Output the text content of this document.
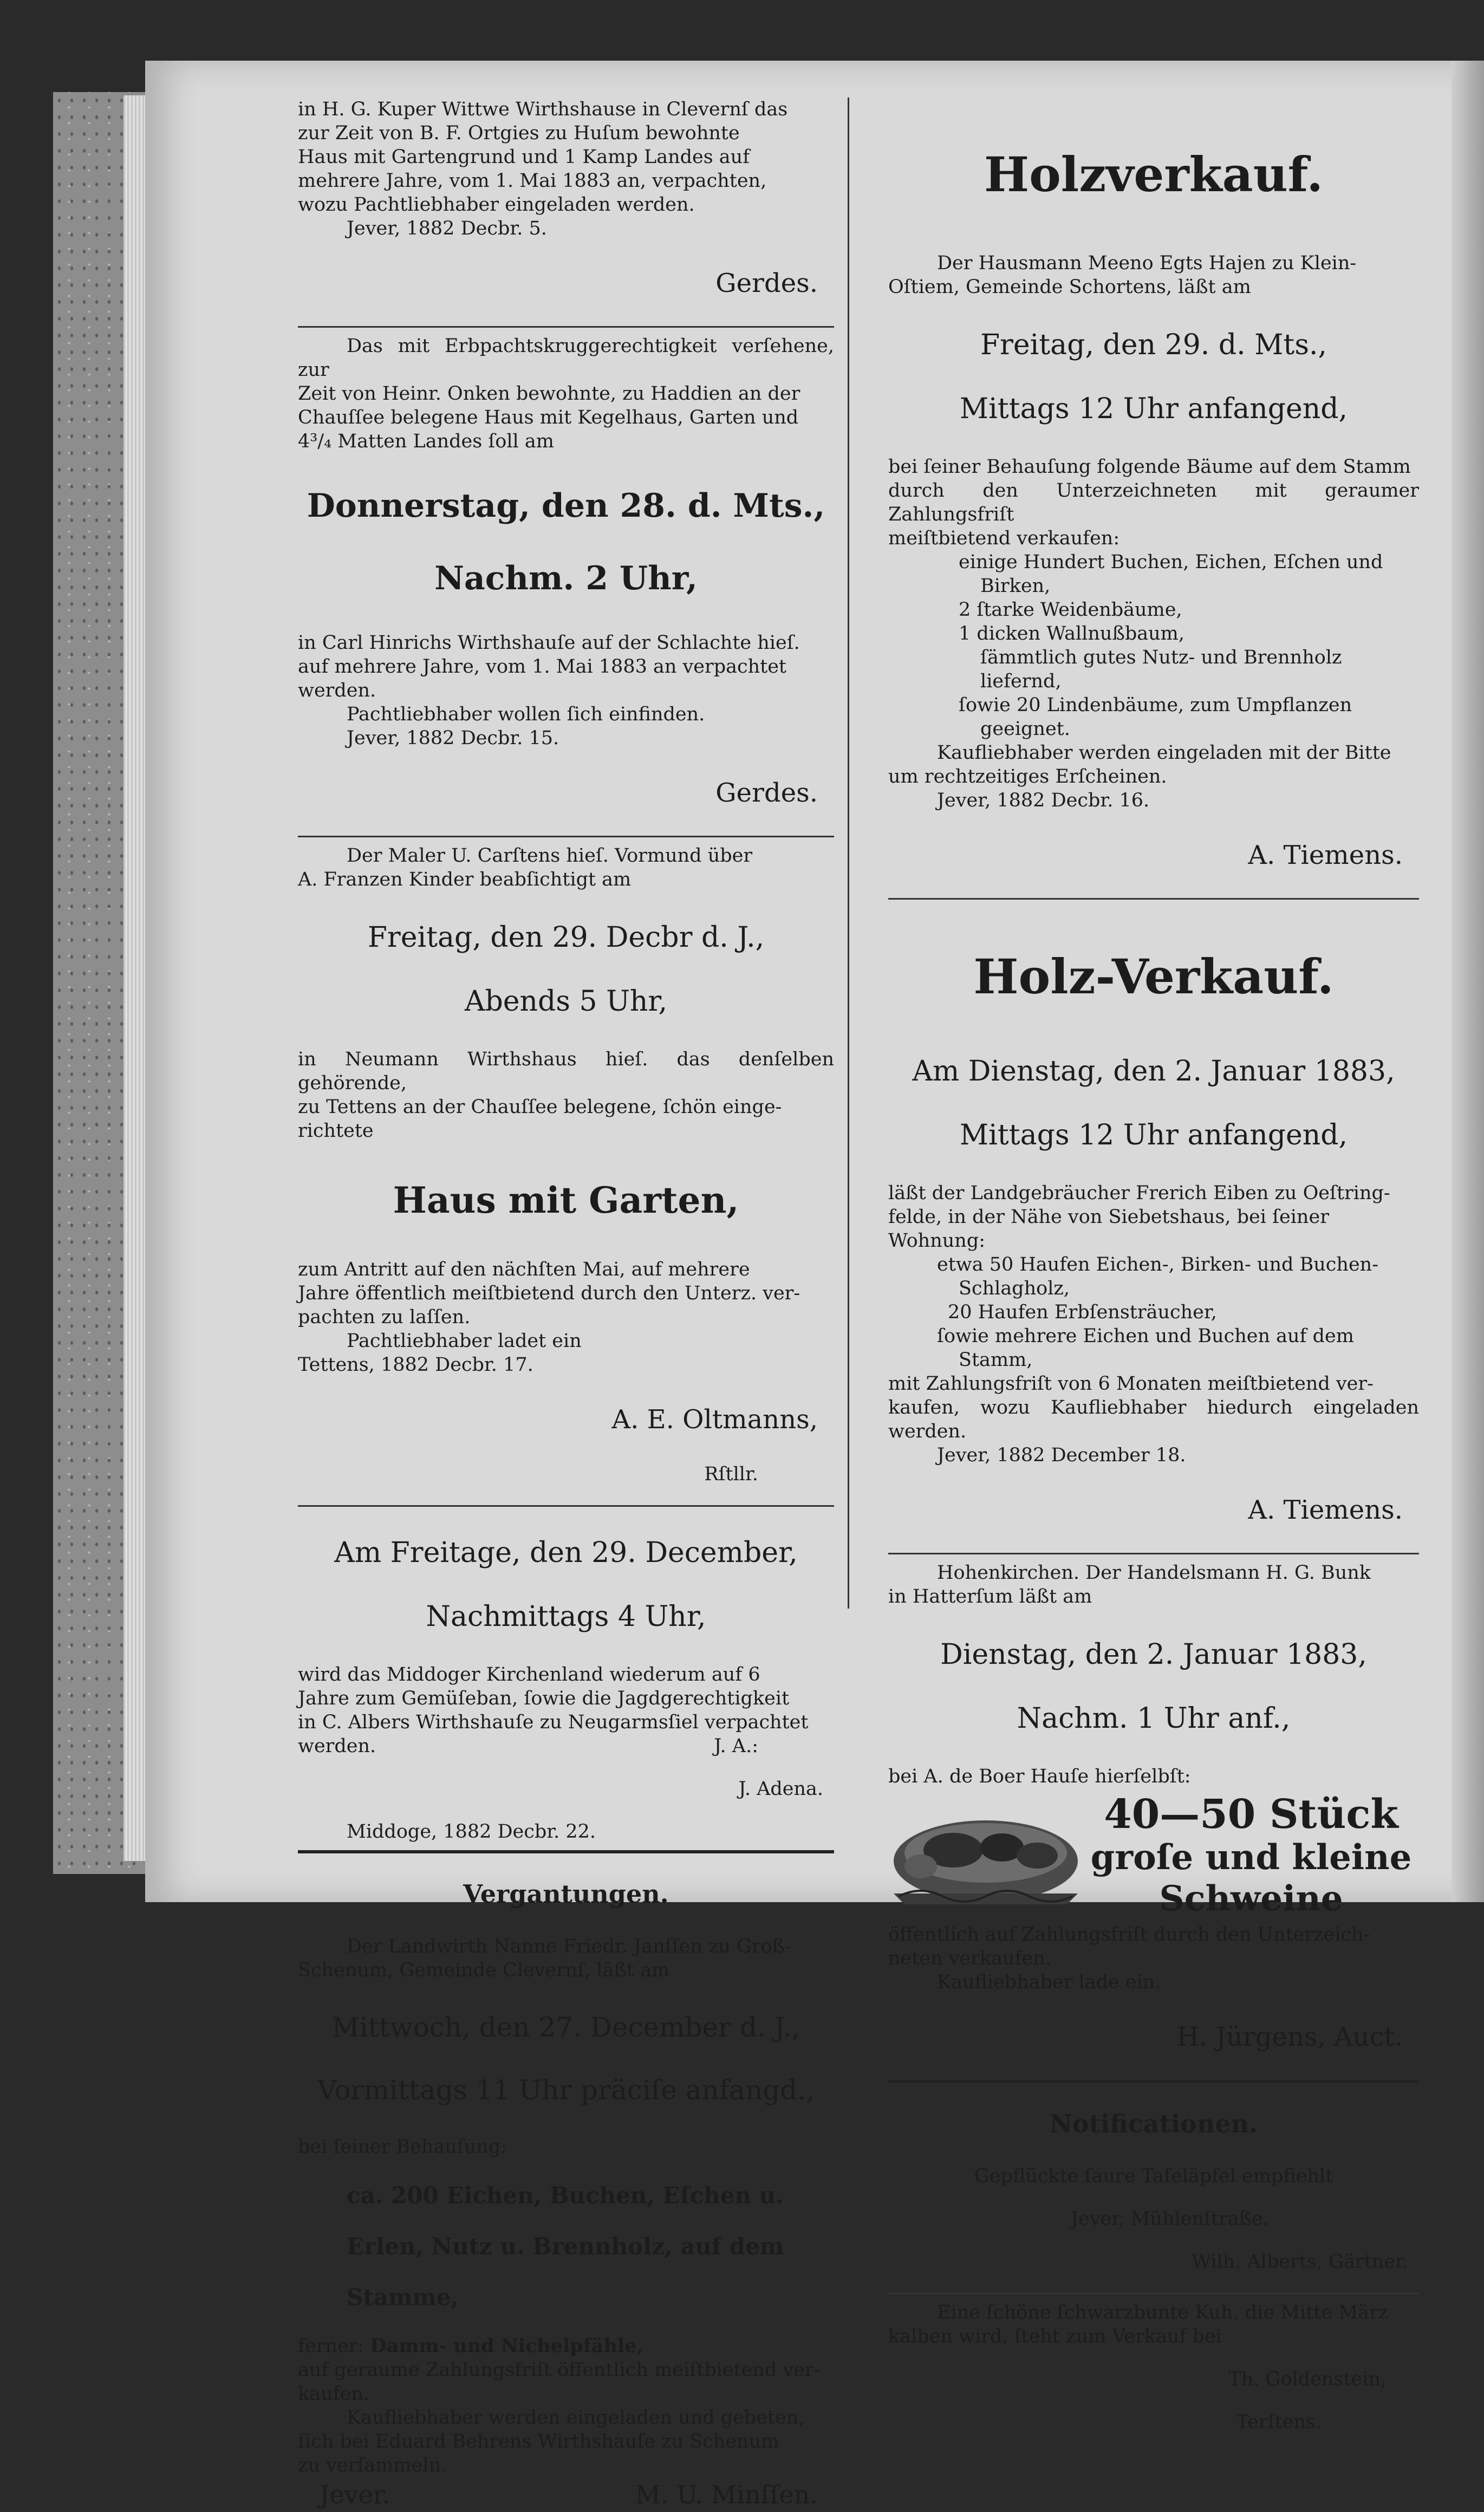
in H. G. Kuper Wittwe Wirthshause in Clevernſ das

zur Zeit von B. F. Ortgies zu Huſum bewohnte

Haus mit Gartengrund und 1 Kamp Landes auf

mehrere Jahre, vom 1. Mai 1883 an, verpachten,

wozu Pachtliebhaber eingeladen werden.

Jever, 1882 Decbr. 5.

Gerdes.

Das mit Erbpachtskruggerechtigkeit verſehene, zur

Zeit von Heinr. Onken bewohnte, zu Haddien an der

Chauſſee belegene Haus mit Kegelhaus, Garten und

4³/₄ Matten Landes ſoll am

Donnerstag, den 28. d. Mts.,

Nachm. 2 Uhr,

in Carl Hinrichs Wirthshauſe auf der Schlachte hieſ.

auf mehrere Jahre, vom 1. Mai 1883 an verpachtet

werden.

Pachtliebhaber wollen ſich einfinden.

Jever, 1882 Decbr. 15.

Gerdes.

Der Maler U. Carſtens hieſ. Vormund über

A. Franzen Kinder beabſichtigt am

Freitag, den 29. Decbr d. J.,

Abends 5 Uhr,

in Neumann Wirthshaus hieſ. das denſelben gehörende,

zu Tettens an der Chauſſee belegene, ſchön einge-

richtete

Haus mit Garten,

zum Antritt auf den nächſten Mai, auf mehrere

Jahre öffentlich meiſtbietend durch den Unterz. ver-

pachten zu laſſen.

Pachtliebhaber ladet ein

Tettens, 1882 Decbr. 17.

A. E. Oltmanns,

Rſtllr.

Am Freitage, den 29. December,

Nachmittags 4 Uhr,

wird das Middoger Kirchenland wiederum auf 6

Jahre zum Gemüſeban, ſowie die Jagdgerechtigkeit

in C. Albers Wirthshauſe zu Neugarmsſiel verpachtet

werden.	J. A.:

J. Adena.

Middoge, 1882 Decbr. 22.

Vergantungen.

Der Landwirth Nanne Friedr. Janſſen zu Groß-

Schenum, Gemeinde Clevernſ, läßt am

Mittwoch, den 27. December d. J.,

Vormittags 11 Uhr präciſe anfangd.,

bei ſeiner Behauſung:

ca. 200 Eichen, Buchen, Eſchen u.

Erlen, Nutz u. Brennholz, auf dem

Stamme,

ferner: Damm- und Nichelpfähle,

auf geraume Zahlungsfriſt öffentlich meiſtbietend ver-

kaufen.

Kaufliebhaber werden eingeladen und gebeten,

ſich bei Eduard Behrens Wirthshauſe zu Schenum

zu verſammeln.

Jever.	M. U. Minſſen.

Holzverkauf.

Der Hausmann Meeno Egts Hajen zu Klein-

Oſtiem, Gemeinde Schortens, läßt am

Freitag, den 29. d. Mts.,

Mittags 12 Uhr anfangend,

bei ſeiner Behauſung folgende Bäume auf dem Stamm

durch den Unterzeichneten mit geraumer Zahlungsfriſt

meiſtbietend verkaufen:

einige Hundert Buchen, Eichen, Eſchen und

Birken,

2 ſtarke Weidenbäume,

1 dicken Wallnußbaum,

ſämmtlich gutes Nutz- und Brennholz

liefernd,

ſowie 20 Lindenbäume, zum Umpflanzen

geeignet.

Kaufliebhaber werden eingeladen mit der Bitte

um rechtzeitiges Erſcheinen.

Jever, 1882 Decbr. 16.

A. Tiemens.

Holz-Verkauf.

Am Dienstag, den 2. Januar 1883,

Mittags 12 Uhr anfangend,

läßt der Landgebräucher Frerich Eiben zu Oeſtring-

felde, in der Nähe von Siebetshaus, bei ſeiner

Wohnung:

etwa 50 Haufen Eichen-, Birken- und Buchen-

Schlagholz,

20 Haufen Erbſensträucher,

ſowie mehrere Eichen und Buchen auf dem

Stamm,

mit Zahlungsfriſt von 6 Monaten meiſtbietend ver-

kaufen, wozu Kaufliebhaber hiedurch eingeladen werden.

Jever, 1882 December 18.

A. Tiemens.

Hohenkirchen. Der Handelsmann H. G. Bunk

in Hatterſum läßt am

Dienstag, den 2. Januar 1883,

Nachm. 1 Uhr anf.,

bei A. de Boer Hauſe hierſelbſt:

40—50 Stück
groſe und kleine
Schweine

öffentlich auf Zahlungsfriſt durch den Unterzeich-

neten verkaufen.

Kaufliebhaber lade ein.

H. Jürgens, Auct.

Notificationen.

Gepflückte ſaure Tafeläpfel empfiehlt

Jever, Mühlenſtraße.

Wilh. Alberts, Gärtner.

Eine ſchöne ſchwarzbunte Kuh, die Mitte März

kalben wird, ſteht zum Verkauf bei

Th. Goldenstein,

Terſtens.
